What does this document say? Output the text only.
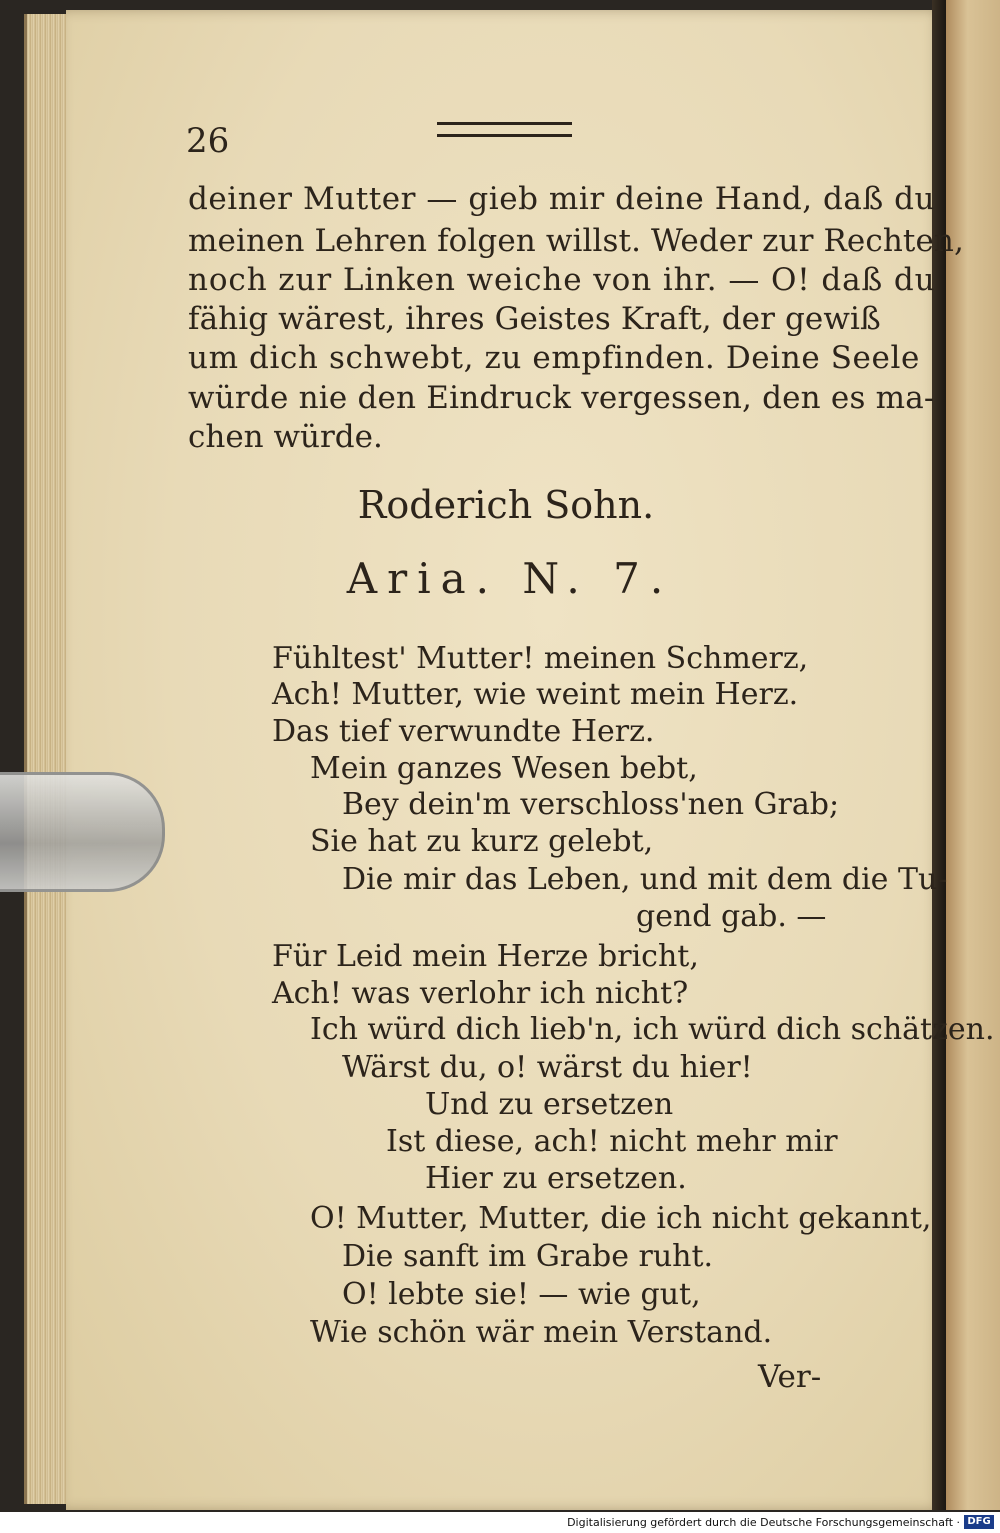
26
deiner Mutter — gieb mir deine Hand, daß du
meinen Lehren folgen willst. Weder zur Rechten,
noch zur Linken weiche von ihr. — O! daß du
fähig wärest, ihres Geistes Kraft, der gewiß
um dich schwebt, zu empfinden. Deine Seele
würde nie den Eindruck vergessen, den es ma-
chen würde.
Roderich Sohn.
Aria. N. 7.
Fühltest' Mutter! meinen Schmerz,
Ach! Mutter, wie weint mein Herz.
Das tief verwundte Herz.
Mein ganzes Wesen bebt,
Bey dein'm verschloss'nen Grab;
Sie hat zu kurz gelebt,
Die mir das Leben, und mit dem die Tu-
gend gab. —
Für Leid mein Herze bricht,
Ach! was verlohr ich nicht?
Ich würd dich lieb'n, ich würd dich schätzen.
Wärst du, o! wärst du hier!
Und zu ersetzen
Ist diese, ach! nicht mehr mir
Hier zu ersetzen.
O! Mutter, Mutter, die ich nicht gekannt,
Die sanft im Grabe ruht.
O! lebte sie! — wie gut,
Wie schön wär mein Verstand.
Ver-
Digitalisierung gefördert durch die Deutsche Forschungsgemeinschaft · DFG
